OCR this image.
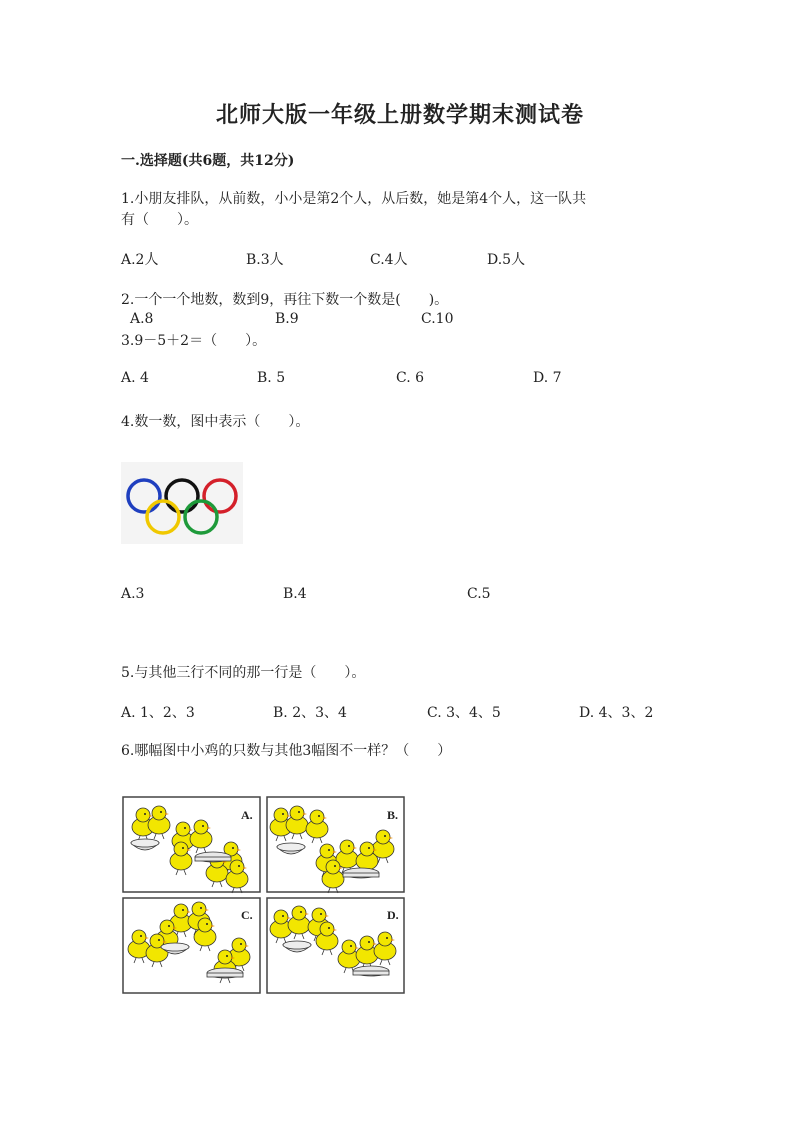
北师大版一年级上册数学期末测试卷
一.选择题(共6题，共12分)
1.小朋友排队，从前数，小小是第2个人，从后数，她是第4个人，这一队共
有（　　）。
A.2人	B.3人	C.4人	D.5人
2.一个一个地数，数到9，再往下数一个数是(　　)。
A.8	B.9	C.10
3.9－5＋2＝（　　）。
A. 4	B. 5	C. 6	D. 7
4.数一数，图中表示（　　）。
A.3	B.4	C.5
5.与其他三行不同的那一行是（　　）。
A. 1、2、3	B. 2、3、4	C. 3、4、5	D. 4、3、2
6.哪幅图中小鸡的只数与其他3幅图不一样？（　　）
A.	B.
C.	D.
